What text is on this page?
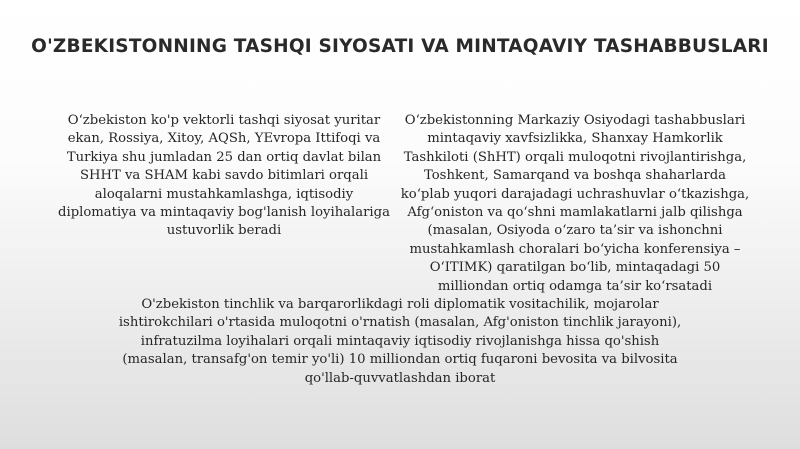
O'ZBEKISTONNING TASHQI SIYOSATI VA MINTAQAVIY TASHABBUSLARI
O‘zbekiston ko'p vektorli tashqi siyosat yuritar ekan, Rossiya, Xitoy, AQSh, YEvropa Ittifoqi va Turkiya shu jumladan 25 dan ortiq davlat bilan SHHT va SHAM kabi savdo bitimlari orqali aloqalarni mustahkamlashga, iqtisodiy diplomatiya va mintaqaviy bog'lanish loyihalariga ustuvorlik beradi
O‘zbekistonning Markaziy Osiyodagi tashabbuslari mintaqaviy xavfsizlikka, Shanxay Hamkorlik Tashkiloti (ShHT) orqali muloqotni rivojlantirishga, Toshkent, Samarqand va boshqa shaharlarda ko‘plab yuqori darajadagi uchrashuvlar o‘tkazishga, Afg‘oniston va qo‘shni mamlakatlarni jalb qilishga (masalan, Osiyoda o‘zaro ta’sir va ishonchni mustahkamlash choralari bo‘yicha konferensiya – O‘ITIMK) qaratilgan bo‘lib, mintaqadagi 50 milliondan ortiq odamga ta’sir ko‘rsatadi
O'zbekiston tinchlik va barqarorlikdagi roli diplomatik vositachilik, mojarolar ishtirokchilari o'rtasida muloqotni o'rnatish (masalan, Afg'oniston tinchlik jarayoni), infratuzilma loyihalari orqali mintaqaviy iqtisodiy rivojlanishga hissa qo'shish (masalan, transafg'on temir yo'li) 10 milliondan ortiq fuqaroni bevosita va bilvosita qo'llab-quvvatlashdan iborat
